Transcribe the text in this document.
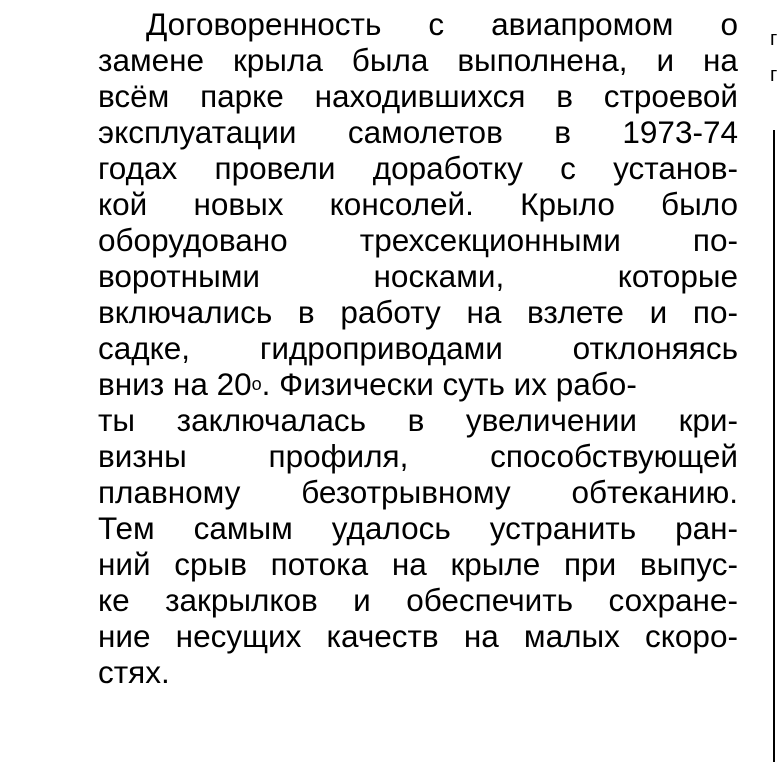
Договоренность с авиапромом о
замене крыла была выполнена, и на
всём парке находившихся в строевой
эксплуатации самолетов в 1973-74
годах провели доработку с установ-
кой новых консолей. Крыло было
оборудовано трехсекционными по-
воротными	носками,	которые
включались в работу на взлете и по-
садке, гидроприводами отклоняясь
вниз на 20 о . Физически суть их рабо-
ты заключалась в увеличении кри-
визны	профиля,	способствующей
плавному безотрывному обтеканию.
Тем самым удалось устранить ран-
ний срыв потока на крыле при выпус-
ке закрылков и обеспечить сохране-
ние несущих качеств на малых скоро-
стях.
г
г
